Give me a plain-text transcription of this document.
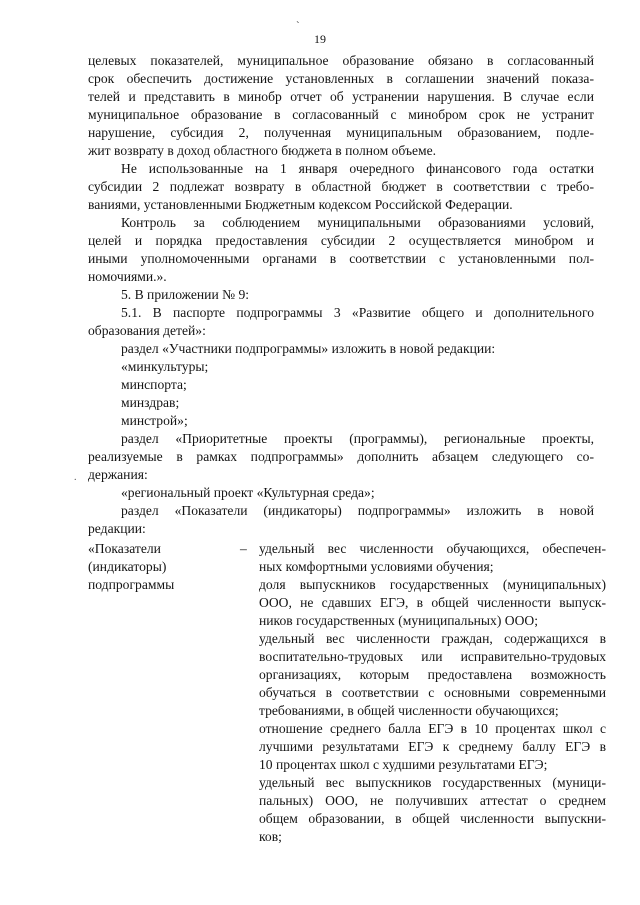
`
19
.
целевых показателей, муниципальное образование обязано в согласованный
срок обеспечить достижение установленных в соглашении значений показа-
телей и представить в минобр отчет об устранении нарушения. В случае если
муниципальное образование в согласованный с минобром срок не устранит
нарушение, субсидия 2, полученная муниципальным образованием, подле-
жит возврату в доход областного бюджета в полном объеме.
Не использованные на 1 января очередного финансового года остатки
субсидии 2 подлежат возврату в областной бюджет в соответствии с требо-
ваниями, установленными Бюджетным кодексом Российской Федерации.
Контроль за соблюдением муниципальными образованиями условий,
целей и порядка предоставления субсидии 2 осуществляется минобром и
иными уполномоченными органами в соответствии с установленными пол-
номочиями.».
5. В приложении № 9:
5.1. В паспорте подпрограммы 3 «Развитие общего и дополнительного
образования детей»:
раздел «Участники подпрограммы» изложить в новой редакции:
«минкультуры;
минспорта;
минздрав;
минстрой»;
раздел «Приоритетные проекты (программы), региональные проекты,
реализуемые в рамках подпрограммы» дополнить абзацем следующего со-
держания:
«региональный проект «Культурная среда»;
раздел «Показатели (индикаторы) подпрограммы» изложить в новой
редакции:
«Показатели
(индикаторы)
подпрограммы
– удельный вес численности обучающихся, обеспечен-
ных комфортными условиями обучения;
доля выпускников государственных (муниципальных)
ООО, не сдавших ЕГЭ, в общей численности выпуск-
ников государственных (муниципальных) ООО;
удельный вес численности граждан, содержащихся в
воспитательно-трудовых или исправительно-трудовых
организациях, которым предоставлена возможность
обучаться в соответствии с основными современными
требованиями, в общей численности обучающихся;
отношение среднего балла ЕГЭ в 10 процентах школ с
лучшими результатами ЕГЭ к среднему баллу ЕГЭ в
10 процентах школ с худшими результатами ЕГЭ;
удельный вес выпускников государственных (муници-
пальных) ООО, не получивших аттестат о среднем
общем образовании, в общей численности выпускни-
ков;
